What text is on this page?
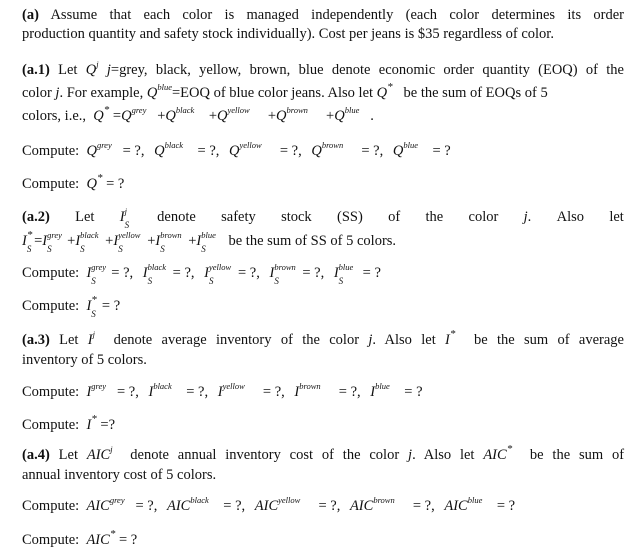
(a) Assume that each color is managed independently (each color determines its order
production quantity and safety stock individually). Cost per jeans is $35 regardless of color.
(a.1) Let $Q^j$ j=grey, black, yellow, brown, blue denote economic order quantity (EOQ) of the
color j. For example, $Q^{blue}=EOQ$ of blue color jeans. Also let Q* be the sum of EOQs of 5
colors, i.e., $Q^* =Q^{grey} +Q^{black} +Q^{yellow} +Q^{brown} +Q^{blue}$   .
Compute: $Q^{grey}$ = ?, $Q^{black}$ = ?, $Q^{yellow}$ = ?, $Q^{brown}$ = ?, $Q^{blue}$ = ?
Compute: Q* = ?
(a.2) Let I j
S
denote safety stock (SS) of the color j. Also let
I *
S =I grey
S +I black
S +I yellow
S +I brown
S +I blue
S be the sum of SS of 5 colors.
Compute: I grey
S = ?, I black
S = ?, I yellow
S = ?, I brown
S = ?, I blue
S = ?
Compute: I *
S = ?
(a.3) Let $I^j$ denote average inventory of the color j. Also let I* be the sum of average
inventory of 5 colors.
Compute: $I^{grey}$ = ?, $I^{black}$ = ?, $I^{yellow}$ = ?, $I^{brown}$ = ?, $I^{blue}$ = ?
Compute: I* =?
(a.4) Let AIC$^j$ denote annual inventory cost of the color j. Also let AIC* be the sum of
annual inventory cost of 5 colors.
Compute: $AIC^{grey}$ = ?, $AIC^{black}$ = ?, $AIC^{yellow}$ = ?, $AIC^{brown}$ = ?, $AIC^{blue}$ = ?
Compute: AIC* = ?
